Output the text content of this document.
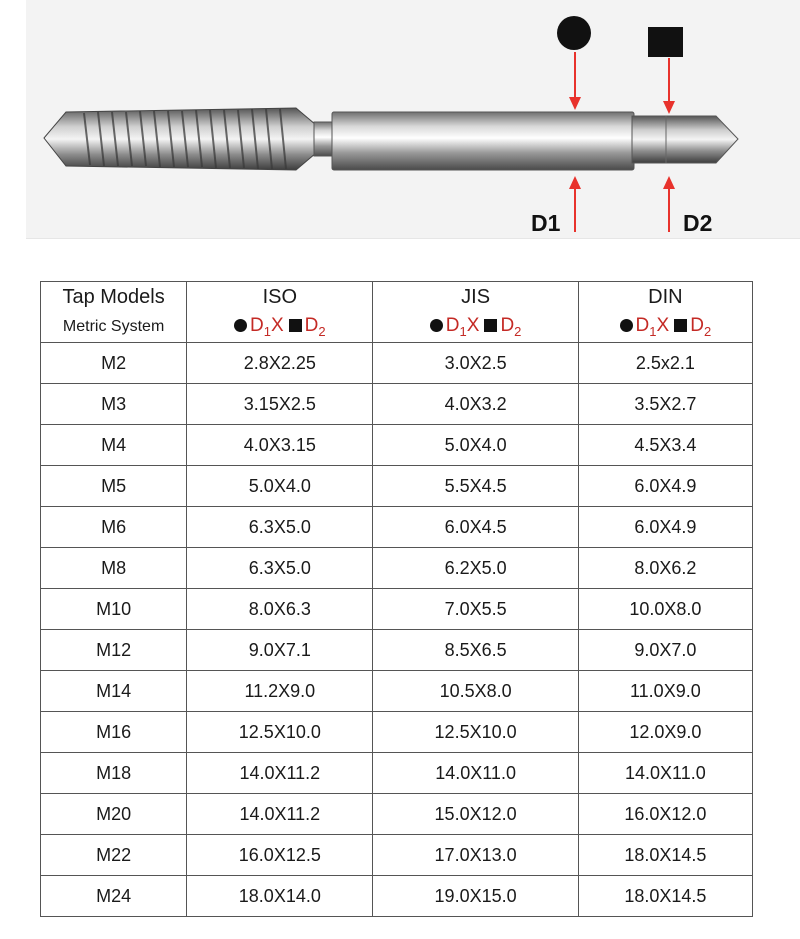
D1	D2
Tap Models	ISO	JIS	DIN
Metric System	$D_1X$ $D_2$	$D_1X$ $D_2$	$D_1X$ $D_2$
M2	2.8X2.25	3.0X2.5	2.5x2.1
M3	3.15X2.5	4.0X3.2	3.5X2.7
M4	4.0X3.15	5.0X4.0	4.5X3.4
M5	5.0X4.0	5.5X4.5	6.0X4.9
M6	6.3X5.0	6.0X4.5	6.0X4.9
M8	6.3X5.0	6.2X5.0	8.0X6.2
M10	8.0X6.3	7.0X5.5	10.0X8.0
M12	9.0X7.1	8.5X6.5	9.0X7.0
M14	11.2X9.0	10.5X8.0	11.0X9.0
M16	12.5X10.0	12.5X10.0	12.0X9.0
M18	14.0X11.2	14.0X11.0	14.0X11.0
M20	14.0X11.2	15.0X12.0	16.0X12.0
M22	16.0X12.5	17.0X13.0	18.0X14.5
M24	18.0X14.0	19.0X15.0	18.0X14.5
